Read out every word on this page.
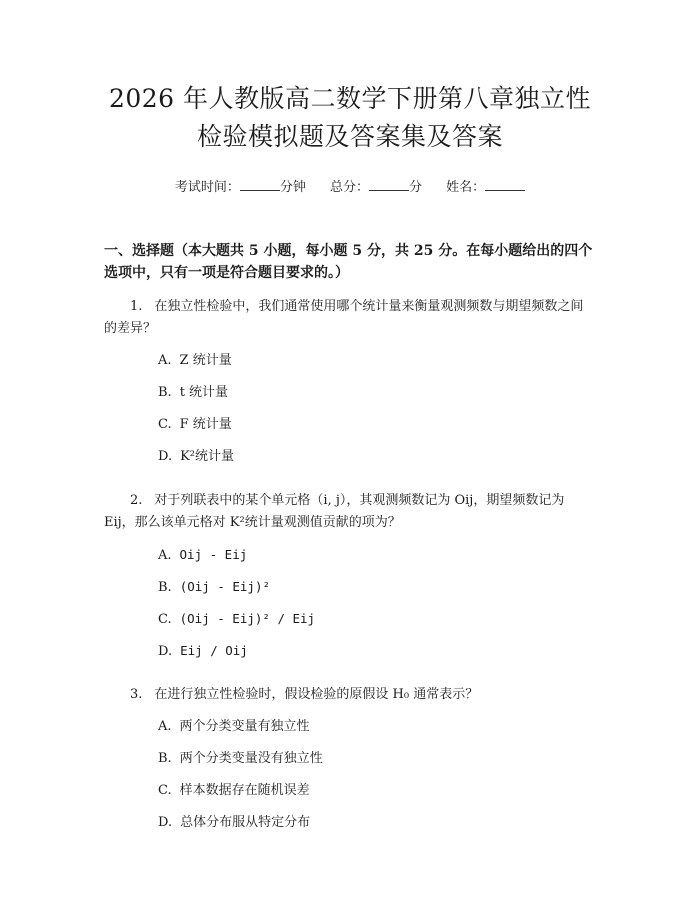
2026 年人教版高二数学下册第八章独立性检验模拟题及答案集及答案
考试时间：	分钟 总分：	分 姓名：
一、选择题（本大题共 5 小题，每小题 5 分，共 25 分。在每小题给出的四个选项中，只有一项是符合题目要求的。）
1. 在独立性检验中，我们通常使用哪个统计量来衡量观测频数与期望频数之间的差异？
A. Z 统计量
B. t 统计量
C. F 统计量
D. K²统计量
2. 对于列联表中的某个单元格（i, j），其观测频数记为 Oij，期望频数记为 Eij，那么该单元格对 K²统计量观测值贡献的项为？
A. Oij - Eij
B. (Oij - Eij)²
C. (Oij - Eij)² / Eij
D. Eij / Oij
3. 在进行独立性检验时，假设检验的原假设 H₀ 通常表示？
A. 两个分类变量有独立性
B. 两个分类变量没有独立性
C. 样本数据存在随机误差
D. 总体分布服从特定分布
